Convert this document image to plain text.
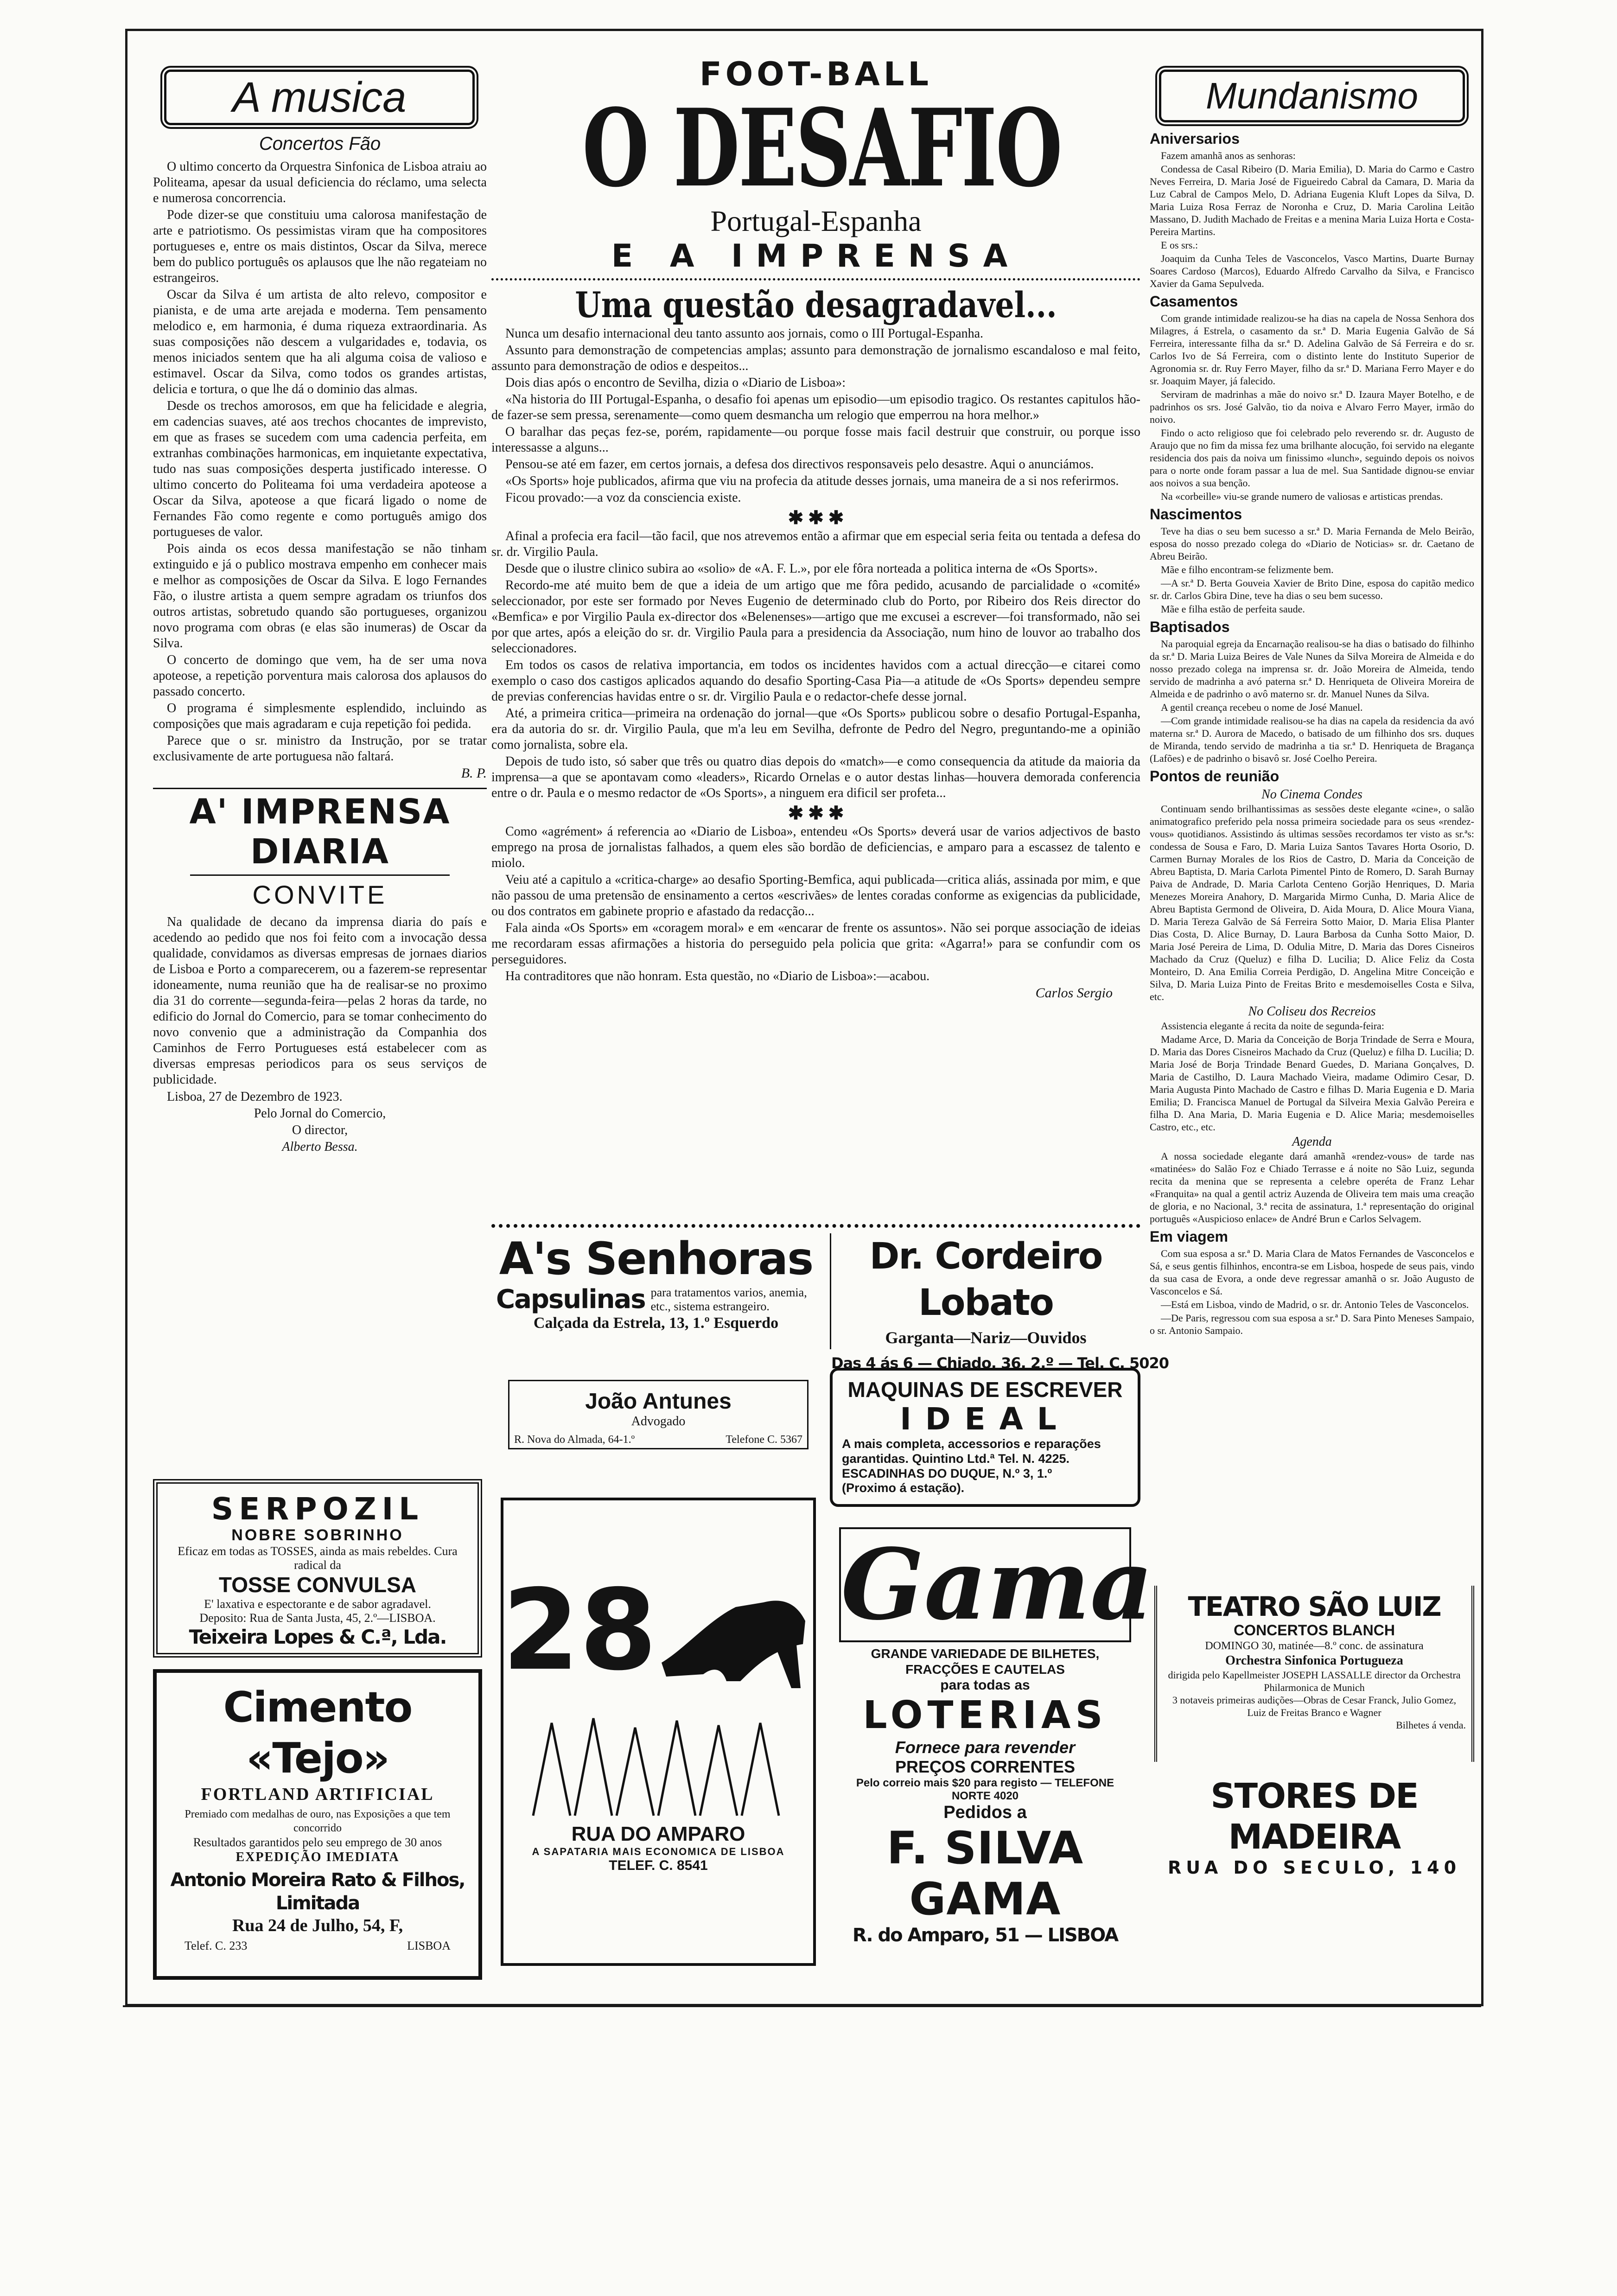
A musica
Concertos Fão

O ultimo concerto da Orquestra Sinfonica de Lisboa atraiu ao Politeama, apesar da usual deficiencia do réclamo, uma selecta e numerosa concorrencia.

Pode dizer-se que constituiu uma calorosa manifestação de arte e patriotismo. Os pessimistas viram que ha compositores portugueses e, entre os mais distintos, Oscar da Silva, merece bem do publico português os aplausos que lhe não regateiam no estrangeiros.

Oscar da Silva é um artista de alto relevo, compositor e pianista, e de uma arte arejada e moderna. Tem pensamento melodico e, em harmonia, é duma riqueza extraordinaria. As suas composições não descem a vulgaridades e, todavia, os menos iniciados sentem que ha ali alguma coisa de valioso e estimavel. Oscar da Silva, como todos os grandes artistas, delicia e tortura, o que lhe dá o dominio das almas.

Desde os trechos amorosos, em que ha felicidade e alegria, em cadencias suaves, até aos trechos chocantes de imprevisto, em que as frases se sucedem com uma cadencia perfeita, em extranhas combinações harmonicas, em inquietante expectativa, tudo nas suas composições desperta justificado interesse. O ultimo concerto do Politeama foi uma verdadeira apoteose a Oscar da Silva, apoteose a que ficará ligado o nome de Fernandes Fão como regente e como português amigo dos portugueses de valor.

Pois ainda os ecos dessa manifestação se não tinham extinguido e já o publico mostrava empenho em conhecer mais e melhor as composições de Oscar da Silva. E logo Fernandes Fão, o ilustre artista a quem sempre agradam os triunfos dos outros artistas, sobretudo quando são portugueses, organizou novo programa com obras (e elas são inumeras) de Oscar da Silva.

O concerto de domingo que vem, ha de ser uma nova apoteose, a repetição porventura mais calorosa dos aplausos do passado concerto.

O programa é simplesmente esplendido, incluindo as composições que mais agradaram e cuja repetição foi pedida.

Parece que o sr. ministro da Instrução, por se tratar exclusivamente de arte portuguesa não faltará.

B. P.
A' IMPRENSA DIARIA
CONVITE

Na qualidade de decano da imprensa diaria do país e acedendo ao pedido que nos foi feito com a invocação dessa qualidade, convidamos as diversas empresas de jornaes diarios de Lisboa e Porto a comparecerem, ou a fazerem-se representar idoneamente, numa reunião que ha de realisar-se no proximo dia 31 do corrente—segunda-feira—pelas 2 horas da tarde, no edificio do Jornal do Comercio, para se tomar conhecimento do novo convenio que a administração da Companhia dos Caminhos de Ferro Portugueses está estabelecer com as diversas empresas periodicos para os seus serviços de publicidade.

Lisboa, 27 de Dezembro de 1923.
Pelo Jornal do Comercio,
O director,
Alberto Bessa.
SERPOZIL
NOBRE SOBRINHO
Eficaz em todas as TOSSES, ainda as mais rebeldes. Cura radical da
TOSSE CONVULSA
E' laxativa e espectorante e de sabor agradavel.
Deposito: Rua de Santa Justa, 45, 2.º—LISBOA.
Teixeira Lopes & C.ª, Lda.
Cimento «Tejo»
FORTLAND ARTIFICIAL
Premiado com medalhas de ouro, nas Exposições a que tem concorrido
Resultados garantidos pelo seu emprego de 30 anos
EXPEDIÇÃO IMEDIATA
Antonio Moreira Rato & Filhos, Limitada
Rua 24 de Julho, 54, F,
Telef. C. 233	LISBOA
FOOT-BALL
O DESAFIO
Portugal-Espanha
E A IMPRENSA
Uma questão desagradavel...

Nunca um desafio internacional deu tanto assunto aos jornais, como o III Portugal-Espanha.

Assunto para demonstração de competencias amplas; assunto para demonstração de jornalismo escandaloso e mal feito, assunto para demonstração de odios e despeitos...

Dois dias após o encontro de Sevilha, dizia o «Diario de Lisboa»:

«Na historia do III Portugal-Espanha, o desafio foi apenas um episodio—um episodio tragico. Os restantes capitulos hão-de fazer-se sem pressa, serenamente—como quem desmancha um relogio que emperrou na hora melhor.»

O baralhar das peças fez-se, porém, rapidamente—ou porque fosse mais facil destruir que construir, ou porque isso interessasse a alguns...

Pensou-se até em fazer, em certos jornais, a defesa dos directivos responsaveis pelo desastre. Aqui o anunciámos.

«Os Sports» hoje publicados, afirma que viu na profecia da atitude desses jornais, uma maneira de a si nos referirmos.

Ficou provado:—a voz da consciencia existe.

✱ ✱ ✱

Afinal a profecia era facil—tão facil, que nos atrevemos então a afirmar que em especial seria feita ou tentada a defesa do sr. dr. Virgilio Paula.

Desde que o ilustre clinico subira ao «solio» de «A. F. L.», por ele fôra norteada a politica interna de «Os Sports».

Recordo-me até muito bem de que a ideia de um artigo que me fôra pedido, acusando de parcialidade o «comité» seleccionador, por este ser formado por Neves Eugenio de determinado club do Porto, por Ribeiro dos Reis director do «Bemfica» e por Virgilio Paula ex-director dos «Belenenses»—artigo que me excusei a escrever—foi transformado, não sei por que artes, após a eleição do sr. dr. Virgilio Paula para a presidencia da Associação, num hino de louvor ao trabalho dos seleccionadores.

Em todos os casos de relativa importancia, em todos os incidentes havidos com a actual direcção—e citarei como exemplo o caso dos castigos aplicados aquando do desafio Sporting-Casa Pia—a atitude de «Os Sports» dependeu sempre de previas conferencias havidas entre o sr. dr. Virgilio Paula e o redactor-chefe desse jornal.

Até, a primeira critica—primeira na ordenação do jornal—que «Os Sports» publicou sobre o desafio Portugal-Espanha, era da autoria do sr. dr. Virgilio Paula, que m'a leu em Sevilha, defronte de Pedro del Negro, preguntando-me a opinião como jornalista, sobre ela.

Depois de tudo isto, só saber que três ou quatro dias depois do «match»—e como consequencia da atitude da maioria da imprensa—a que se apontavam como «leaders», Ricardo Ornelas e o autor destas linhas—houvera demorada conferencia entre o dr. Paula e o mesmo redactor de «Os Sports», a ninguem era dificil ser profeta...

✱ ✱ ✱

Como «agrément» á referencia ao «Diario de Lisboa», entendeu «Os Sports» deverá usar de varios adjectivos de basto emprego na prosa de jornalistas falhados, a quem eles são bordão de deficiencias, e amparo para a escassez de talento e miolo.

Veiu até a capitulo a «critica-charge» ao desafio Sporting-Bemfica, aqui publicada—critica aliás, assinada por mim, e que não passou de uma pretensão de ensinamento a certos «escrivães» de lentes coradas conforme as exigencias da publicidade, ou dos contratos em gabinete proprio e afastado da redacção...

Fala ainda «Os Sports» em «coragem moral» e em «encarar de frente os assuntos». Não sei porque associação de ideias me recordaram essas afirmações a historia do perseguido pela policia que grita: «Agarra!» para se confundir com os perseguidores.

Ha contraditores que não honram. Esta questão, no «Diario de Lisboa»:—acabou.

Carlos Sergio
A's Senhoras
Capsulinas para tratamentos varios, anemia, etc., sistema estrangeiro.
Calçada da Estrela, 13, 1.º Esquerdo
Dr. Cordeiro Lobato
Garganta—Nariz—Ouvidos
Das 4 ás 6 — Chiado, 36, 2.º — Tel. C. 5020
João Antunes
Advogado
R. Nova do Almada, 64-1.º	Telefone C. 5367
MAQUINAS DE ESCREVER
IDEAL
A mais completa, accessorios e reparações garantidas. Quintino Ltd.ª Tel. N. 4225. ESCADINHAS DO DUQUE, N.º 3, 1.º
(Proximo á estação).
28
RUA DO AMPARO
A SAPATARIA MAIS ECONOMICA DE LISBOA
TELEF. C. 8541
Gama
GRANDE VARIEDADE DE BILHETES, FRACÇÕES E CAUTELAS
para todas as
LOTERIAS
Fornece para revender
PREÇOS CORRENTES
Pelo correio mais $20 para registo — TELEFONE NORTE 4020
Pedidos a
F. SILVA GAMA
R. do Amparo, 51 — LISBOA
Mundanismo
Aniversarios

Fazem amanhã anos as senhoras:

Condessa de Casal Ribeiro (D. Maria Emilia), D. Maria do Carmo e Castro Neves Ferreira, D. Maria José de Figueiredo Cabral da Camara, D. Maria da Luz Cabral de Campos Melo, D. Adriana Eugenia Kluft Lopes da Silva, D. Maria Luiza Rosa Ferraz de Noronha e Cruz, D. Maria Carolina Leitão Massano, D. Judith Machado de Freitas e a menina Maria Luiza Horta e Costa-Pereira Martins.

E os srs.:

Joaquim da Cunha Teles de Vasconcelos, Vasco Martins, Duarte Burnay Soares Cardoso (Marcos), Eduardo Alfredo Carvalho da Silva, e Francisco Xavier da Gama Sepulveda.

Casamentos

Com grande intimidade realizou-se ha dias na capela de Nossa Senhora dos Milagres, á Estrela, o casamento da sr.ª D. Maria Eugenia Galvão de Sá Ferreira, interessante filha da sr.ª D. Adelina Galvão de Sá Ferreira e do sr. Carlos Ivo de Sá Ferreira, com o distinto lente do Instituto Superior de Agronomia sr. dr. Ruy Ferro Mayer, filho da sr.ª D. Mariana Ferro Mayer e do sr. Joaquim Mayer, já falecido.

Serviram de madrinhas a mãe do noivo sr.ª D. Izaura Mayer Botelho, e de padrinhos os srs. José Galvão, tio da noiva e Alvaro Ferro Mayer, irmão do noivo.

Findo o acto religioso que foi celebrado pelo reverendo sr. dr. Augusto de Araujo que no fim da missa fez uma brilhante alocução, foi servido na elegante residencia dos pais da noiva um finissimo «lunch», seguindo depois os noivos para o norte onde foram passar a lua de mel. Sua Santidade dignou-se enviar aos noivos a sua benção.

Na «corbeille» viu-se grande numero de valiosas e artisticas prendas.

Nascimentos

Teve ha dias o seu bem sucesso a sr.ª D. Maria Fernanda de Melo Beirão, esposa do nosso prezado colega do «Diario de Noticias» sr. dr. Caetano de Abreu Beirão.

Mãe e filho encontram-se felizmente bem.

—A sr.ª D. Berta Gouveia Xavier de Brito Dine, esposa do capitão medico sr. dr. Carlos Gbira Dine, teve ha dias o seu bem sucesso.

Mãe e filha estão de perfeita saude.

Baptisados

Na paroquial egreja da Encarnação realisou-se ha dias o batisado do filhinho da sr.ª D. Maria Luiza Beires de Vale Nunes da Silva Moreira de Almeida e do nosso prezado colega na imprensa sr. dr. João Moreira de Almeida, tendo servido de madrinha a avó paterna sr.ª D. Henriqueta de Oliveira Moreira de Almeida e de padrinho o avô materno sr. dr. Manuel Nunes da Silva.

A gentil creança recebeu o nome de José Manuel.

—Com grande intimidade realisou-se ha dias na capela da residencia da avó materna sr.ª D. Aurora de Macedo, o batisado de um filhinho dos srs. duques de Miranda, tendo servido de madrinha a tia sr.ª D. Henriqueta de Bragança (Lafões) e de padrinho o bisavô sr. José Coelho Pereira.

Pontos de reunião
No Cinema Condes

Continuam sendo brilhantissimas as sessões deste elegante «cine», o salão animatografico preferido pela nossa primeira sociedade para os seus «rendez-vous» quotidianos. Assistindo ás ultimas sessões recordamos ter visto as sr.ªs: condessa de Sousa e Faro, D. Maria Luiza Santos Tavares Horta Osorio, D. Carmen Burnay Morales de los Rios de Castro, D. Maria da Conceição de Abreu Baptista, D. Maria Carlota Pimentel Pinto de Romero, D. Sarah Burnay Paiva de Andrade, D. Maria Carlota Centeno Gorjão Henriques, D. Maria Menezes Moreira Anahory, D. Margarida Mirmo Cunha, D. Maria Alice de Abreu Baptista Germond de Oliveira, D. Aida Moura, D. Alice Moura Viana, D. Maria Tereza Galvão de Sá Ferreira Sotto Maior, D. Maria Elisa Planter Dias Costa, D. Alice Burnay, D. Laura Barbosa da Cunha Sotto Maior, D. Maria José Pereira de Lima, D. Odulia Mitre, D. Maria das Dores Cisneiros Machado da Cruz (Queluz) e filha D. Lucilia; D. Alice Feliz da Costa Monteiro, D. Ana Emilia Correia Perdigão, D. Angelina Mitre Conceição e Silva, D. Maria Luiza Pinto de Freitas Brito e mesdemoiselles Costa e Silva, etc.

No Coliseu dos Recreios

Assistencia elegante á recita da noite de segunda-feira:

Madame Arce, D. Maria da Conceição de Borja Trindade de Serra e Moura, D. Maria das Dores Cisneiros Machado da Cruz (Queluz) e filha D. Lucilia; D. Maria José de Borja Trindade Benard Guedes, D. Mariana Gonçalves, D. Maria de Castilho, D. Laura Machado Vieira, madame Odimiro Cesar, D. Maria Augusta Pinto Machado de Castro e filhas D. Maria Eugenia e D. Maria Emilia; D. Francisca Manuel de Portugal da Silveira Mexia Galvão Pereira e filha D. Ana Maria, D. Maria Eugenia e D. Alice Maria; mesdemoiselles Castro, etc., etc.

Agenda

A nossa sociedade elegante dará amanhã «rendez-vous» de tarde nas «matinées» do Salão Foz e Chiado Terrasse e á noite no São Luiz, segunda recita da menina que se representa a celebre operéta de Franz Lehar «Franquita» na qual a gentil actriz Auzenda de Oliveira tem mais uma creação de gloria, e no Nacional, 3.ª recita de assinatura, 1.ª representação do original português «Auspicioso enlace» de André Brun e Carlos Selvagem.

Em viagem

Com sua esposa a sr.ª D. Maria Clara de Matos Fernandes de Vasconcelos e Sá, e seus gentis filhinhos, encontra-se em Lisboa, hospede de seus pais, vindo da sua casa de Evora, a onde deve regressar amanhã o sr. João Augusto de Vasconcelos e Sá.

—Está em Lisboa, vindo de Madrid, o sr. dr. Antonio Teles de Vasconcelos.

—De Paris, regressou com sua esposa a sr.ª D. Sara Pinto Meneses Sampaio, o sr. Antonio Sampaio.

TEATRO SÃO LUIZ
CONCERTOS BLANCH
DOMINGO 30, matinée—8.º conc. de assinatura
Orchestra Sinfonica Portugueza
dirigida pelo Kapellmeister JOSEPH LASSALLE director da Orchestra Philarmonica de Munich
3 notaveis primeiras audições—Obras de Cesar Franck, Julio Gomez, Luiz de Freitas Branco e Wagner
Bilhetes á venda.
STORES DE MADEIRA
RUA DO SECULO, 140
